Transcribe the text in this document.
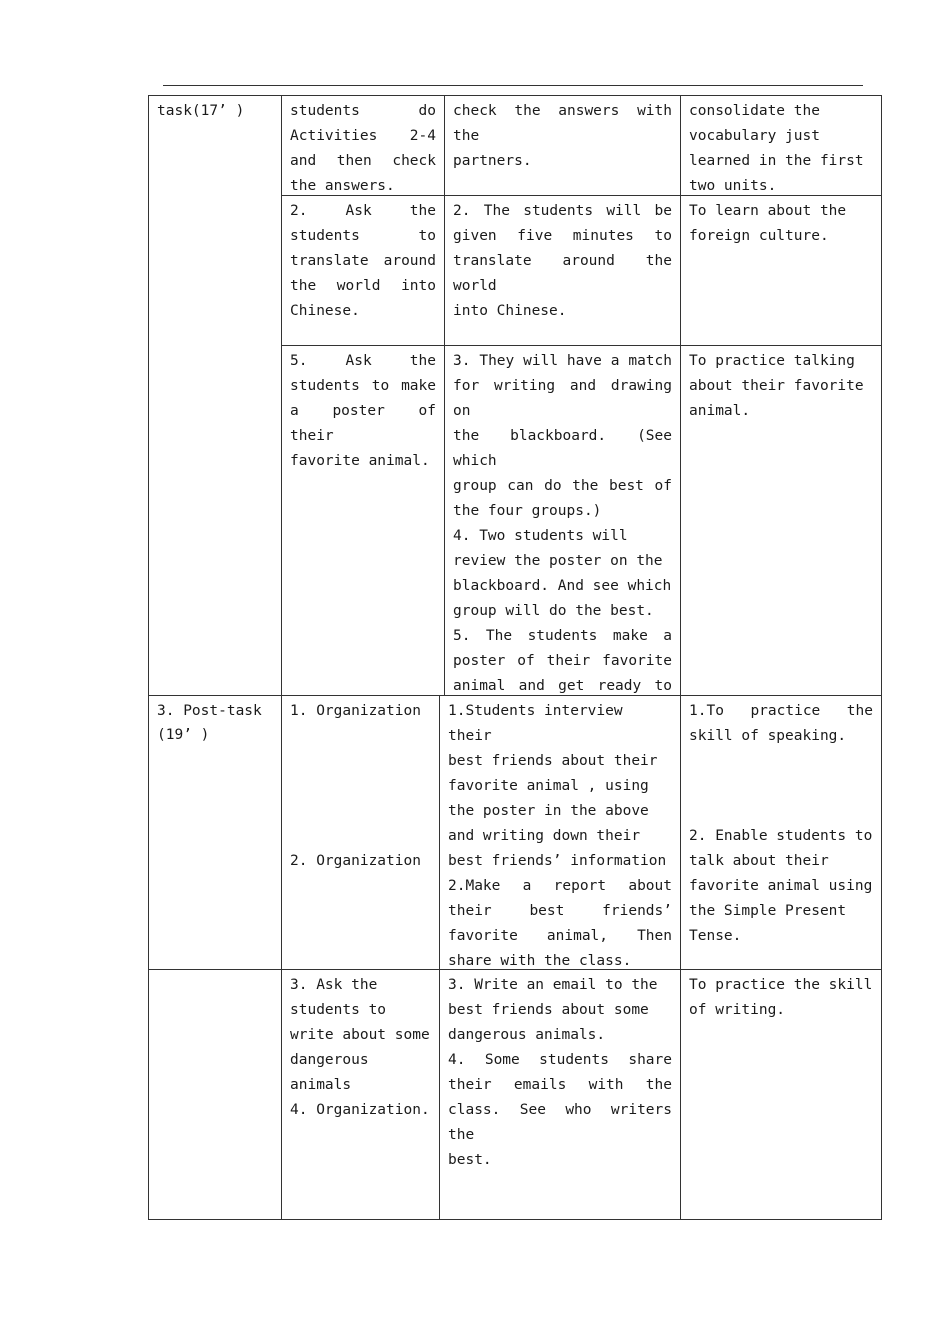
task(17’ )	students do

Activities 2-4

and then check

the answers.

check the answers with the

partners.

consolidate the

vocabulary just

learned in the first

two units.

2. Ask the

students to

translate around

the world into

Chinese.

2. The students will be

given five minutes to

translate around the world

into Chinese.

To learn about the

foreign culture.

5. Ask the

students to make

a poster of their

favorite animal.

3. They will have a match

for writing and drawing on

the blackboard. (See which

group can do the best of

the four groups.)

4. Two students will

review the poster on the

blackboard. And see which

group will do the best.

5. The students make a

poster of their favorite

animal and get ready to

To practice talking

about their favorite

animal.

3. Post-task

(19’ )

1. Organization

2. Organization

1.Students interview their

best friends about their

favorite animal , using

the poster in the above

and writing down their

best friends’ information

2.Make a report about

their best friends’

favorite animal, Then

share with the class.

1.To practice the

skill of speaking.

2. Enable students to

talk about their

favorite animal using

the Simple Present

Tense.

3. Ask the

students to

write about some

dangerous

animals

4. Organization.

3. Write an email to the

best friends about some

dangerous animals.

4. Some students share

their emails with the

class. See who writers the

best.

To practice the skill

of writing.
